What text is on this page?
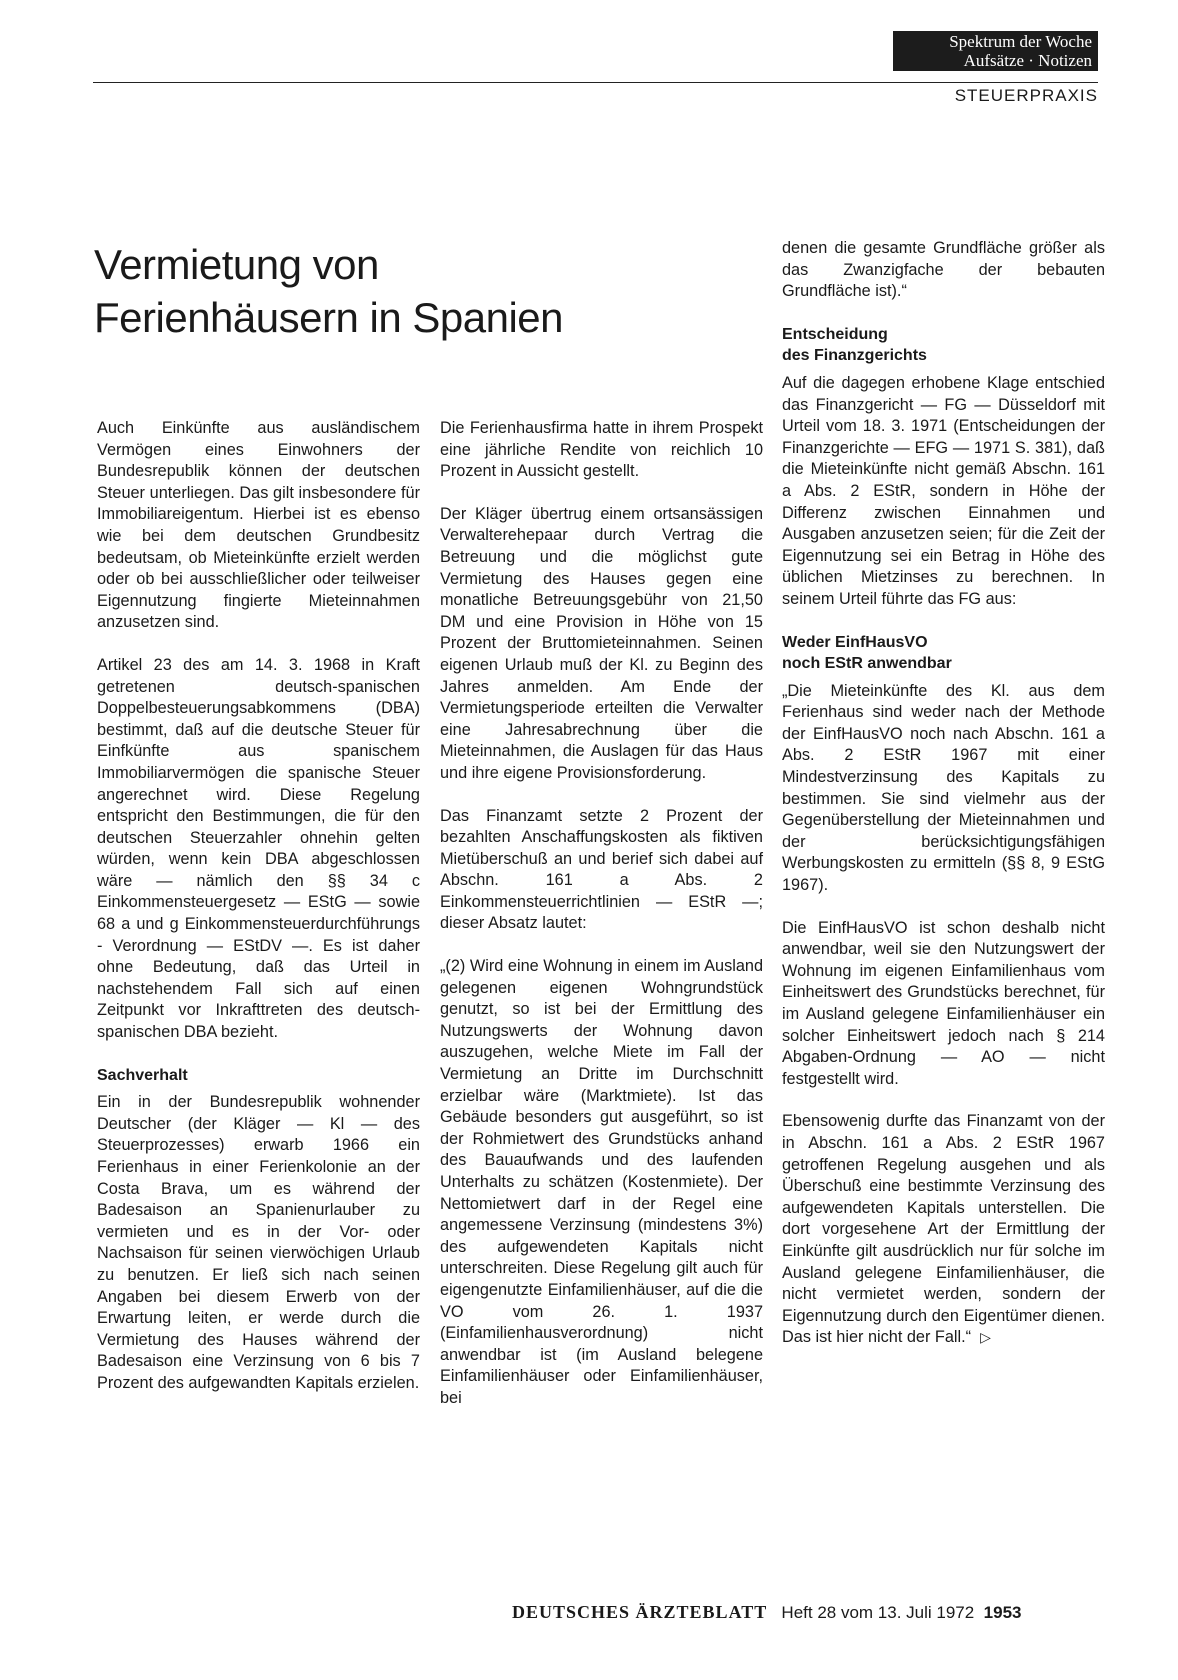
Spektrum der Woche
Aufsätze · Notizen
STEUERPRAXIS
Vermietung von
Ferienhäusern in Spanien

Auch Einkünfte aus ausländischem Vermögen eines Einwohners der Bundesrepublik können der deutschen Steuer unterliegen. Das gilt insbesondere für Immobiliareigentum. Hierbei ist es ebenso wie bei dem deutschen Grundbesitz bedeutsam, ob Mieteinkünfte erzielt werden oder ob bei ausschließlicher oder teilweiser Eigennutzung fingierte Mieteinnahmen anzusetzen sind.

Artikel 23 des am 14. 3. 1968 in Kraft getretenen deutsch-spanischen Doppelbesteuerungsabkommens (DBA) bestimmt, daß auf die deutsche Steuer für Einfkünfte aus spanischem Immobiliarvermögen die spanische Steuer angerechnet wird. Diese Regelung entspricht den Bestimmungen, die für den deutschen Steuerzahler ohnehin gelten würden, wenn kein DBA abgeschlossen wäre — nämlich den §§ 34 c Einkommensteuergesetz — EStG — sowie 68 a und g Einkommensteuerdurchführungs - Verordnung — EStDV —. Es ist daher ohne Bedeutung, daß das Urteil in nachstehendem Fall sich auf einen Zeitpunkt vor Inkrafttreten des deutsch-spanischen DBA bezieht.

Sachverhalt

Ein in der Bundesrepublik wohnender Deutscher (der Kläger — Kl — des Steuerprozesses) erwarb 1966 ein Ferienhaus in einer Ferienkolonie an der Costa Brava, um es während der Badesaison an Spanienurlauber zu vermieten und es in der Vor- oder Nachsaison für seinen vierwöchigen Urlaub zu benutzen. Er ließ sich nach seinen Angaben bei diesem Erwerb von der Erwartung leiten, er werde durch die Vermietung des Hauses während der Badesaison eine Verzinsung von 6 bis 7 Prozent des aufgewandten Kapitals erzielen.

Die Ferienhausfirma hatte in ihrem Prospekt eine jährliche Rendite von reichlich 10 Prozent in Aussicht gestellt.

Der Kläger übertrug einem ortsansässigen Verwalterehepaar durch Vertrag die Betreuung und die möglichst gute Vermietung des Hauses gegen eine monatliche Betreuungsgebühr von 21,50 DM und eine Provision in Höhe von 15 Prozent der Bruttomieteinnahmen. Seinen eigenen Urlaub muß der Kl. zu Beginn des Jahres anmelden. Am Ende der Vermietungsperiode erteilten die Verwalter eine Jahresabrechnung über die Mieteinnahmen, die Auslagen für das Haus und ihre eigene Provisionsforderung.

Das Finanzamt setzte 2 Prozent der bezahlten Anschaffungskosten als fiktiven Mietüberschuß an und berief sich dabei auf Abschn. 161 a Abs. 2 Einkommensteuerrichtlinien — EStR —; dieser Absatz lautet:

„(2) Wird eine Wohnung in einem im Ausland gelegenen eigenen Wohngrundstück genutzt, so ist bei der Ermittlung des Nutzungswerts der Wohnung davon auszugehen, welche Miete im Fall der Vermietung an Dritte im Durchschnitt erzielbar wäre (Marktmiete). Ist das Gebäude besonders gut ausgeführt, so ist der Rohmietwert des Grundstücks anhand des Bauaufwands und des laufenden Unterhalts zu schätzen (Kostenmiete). Der Nettomietwert darf in der Regel eine angemessene Verzinsung (mindestens 3%) des aufgewendeten Kapitals nicht unterschreiten. Diese Regelung gilt auch für eigengenutzte Einfamilienhäuser, auf die die VO vom 26. 1. 1937 (Einfamilienhausverordnung) nicht anwendbar ist (im Ausland belegene Einfamilienhäuser oder Einfamilienhäuser, bei

denen die gesamte Grundfläche größer als das Zwanzigfache der bebauten Grundfläche ist).“

Entscheidung
des Finanzgerichts

Auf die dagegen erhobene Klage entschied das Finanzgericht — FG — Düsseldorf mit Urteil vom 18. 3. 1971 (Entscheidungen der Finanzgerichte — EFG — 1971 S. 381), daß die Mieteinkünfte nicht gemäß Abschn. 161 a Abs. 2 EStR, sondern in Höhe der Differenz zwischen Einnahmen und Ausgaben anzusetzen seien; für die Zeit der Eigennutzung sei ein Betrag in Höhe des üblichen Mietzinses zu berechnen. In seinem Urteil führte das FG aus:

Weder EinfHausVO
noch EStR anwendbar

„Die Mieteinkünfte des Kl. aus dem Ferienhaus sind weder nach der Methode der EinfHausVO noch nach Abschn. 161 a Abs. 2 EStR 1967 mit einer Mindestverzinsung des Kapitals zu bestimmen. Sie sind vielmehr aus der Gegenüberstellung der Mieteinnahmen und der berücksichtigungsfähigen Werbungskosten zu ermitteln (§§ 8, 9 EStG 1967).

Die EinfHausVO ist schon deshalb nicht anwendbar, weil sie den Nutzungswert der Wohnung im eigenen Einfamilienhaus vom Einheitswert des Grundstücks berechnet, für im Ausland gelegene Einfamilienhäuser ein solcher Einheitswert jedoch nach § 214 Abgaben-Ordnung — AO — nicht festgestellt wird.

Ebensowenig durfte das Finanzamt von der in Abschn. 161 a Abs. 2 EStR 1967 getroffenen Regelung ausgehen und als Überschuß eine bestimmte Verzinsung des aufgewendeten Kapitals unterstellen. Die dort vorgesehene Art der Ermittlung der Einkünfte gilt ausdrücklich nur für solche im Ausland gelegene Einfamilienhäuser, die nicht vermietet werden, sondern der Eigennutzung durch den Eigentümer dienen. Das ist hier nicht der Fall.“ ▷

DEUTSCHES ÄRZTEBLATT Heft 28 vom 13. Juli 1972 1953
